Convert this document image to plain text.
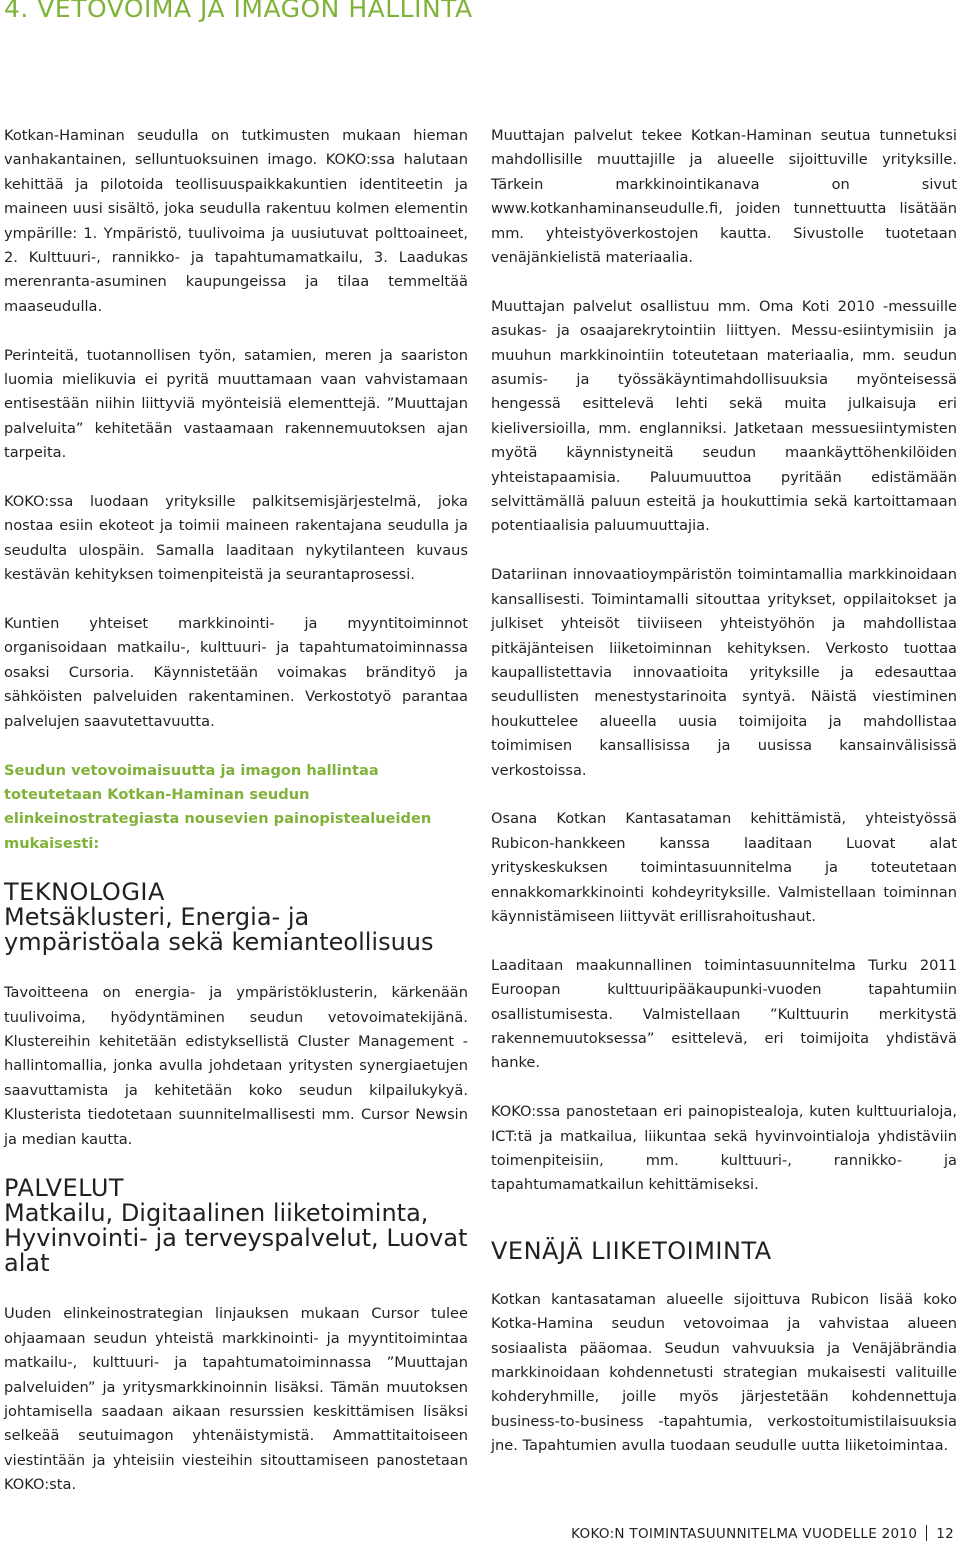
4. VETOVOIMA JA IMAGON HALLINTA

Kotkan-Haminan seudulla on tutkimusten mukaan hieman vanhakantainen, selluntuoksuinen imago. KOKO:ssa halutaan kehittää ja pilotoida teollisuuspaikkakuntien identiteetin ja maineen uusi sisältö, joka seudulla rakentuu kolmen elementin ympärille: 1. Ympäristö, tuulivoima ja uusiutuvat polttoaineet, 2. Kulttuuri-, rannikko- ja tapahtumamatkailu, 3. Laadukas merenranta-asuminen kaupungeissa ja tilaa temmeltää maaseudulla.

Perinteitä, tuotannollisen työn, satamien, meren ja saariston luomia mielikuvia ei pyritä muuttamaan vaan vahvistamaan entisestään niihin liittyviä myönteisiä elementtejä. ”Muuttajan palveluita” kehitetään vastaamaan rakennemuutoksen ajan tarpeita.

KOKO:ssa luodaan yrityksille palkitsemisjärjestelmä, joka nostaa esiin ekoteot ja toimii maineen rakentajana seudulla ja seudulta ulospäin. Samalla laaditaan nykytilanteen kuvaus kestävän kehityksen toimenpiteistä ja seurantaprosessi.

Kuntien yhteiset markkinointi- ja myyntitoiminnot organisoidaan matkailu-, kulttuuri- ja tapahtumatoiminnassa osaksi Cursoria. Käynnistetään voimakas brändityö ja sähköisten palveluiden rakentaminen. Verkostotyö parantaa palvelujen saavutettavuutta.

Seudun vetovoimaisuutta ja imagon hallintaa toteutetaan Kotkan-Haminan seudun elinkeinostrategiasta nousevien painopistealueiden mukaisesti:

TEKNOLOGIA
Metsäklusteri, Energia- ja ympäristöala sekä kemianteollisuus

Tavoitteena on energia- ja ympäristöklusterin, kärkenään tuulivoima, hyödyntäminen seudun vetovoimatekijänä. Klustereihin kehitetään edistyksellistä Cluster Management -hallintomallia, jonka avulla johdetaan yritysten synergiaetujen saavuttamista ja kehitetään koko seudun kilpailukykyä. Klusterista tiedotetaan suunnitelmallisesti mm. Cursor Newsin ja median kautta.

PALVELUT
Matkailu, Digitaalinen liiketoiminta, Hyvinvointi- ja terveyspalvelut, Luovat alat

Uuden elinkeinostrategian linjauksen mukaan Cursor tulee ohjaamaan seudun yhteistä markkinointi- ja myyntitoimintaa matkailu-, kulttuuri- ja tapahtumatoiminnassa ”Muuttajan palveluiden” ja yritysmarkkinoinnin lisäksi. Tämän muutoksen johtamisella saadaan aikaan resurssien keskittämisen lisäksi selkeää seutuimagon yhtenäistymistä. Ammattitaitoiseen viestintään ja yhteisiin viesteihin sitouttamiseen panostetaan KOKO:sta.

Muuttajan palvelut tekee Kotkan-Haminan seutua tunnetuksi mahdollisille muuttajille ja alueelle sijoittuville yrityksille. Tärkein markkinointikanava on sivut www.kotkanhaminanseudulle.fi, joiden tunnettuutta lisätään mm. yhteistyöverkostojen kautta. Sivustolle tuotetaan venäjänkielistä materiaalia.

Muuttajan palvelut osallistuu mm. Oma Koti 2010 -messuille asukas- ja osaajarekrytointiin liittyen. Messu-esiintymisiin ja muuhun markkinointiin toteutetaan materiaalia, mm. seudun asumis- ja työssäkäyntimahdollisuuksia myönteisessä hengessä esittelevä lehti sekä muita julkaisuja eri kieliversioilla, mm. englanniksi. Jatketaan messuesiintymisten myötä käynnistyneitä seudun maankäyttöhenkilöiden yhteistapaamisia. Paluumuuttoa pyritään edistämään selvittämällä paluun esteitä ja houkuttimia sekä kartoittamaan potentiaalisia paluumuuttajia.

Datariinan innovaatioympäristön toimintamallia markkinoidaan kansallisesti. Toimintamalli sitouttaa yritykset, oppilaitokset ja julkiset yhteisöt tiiviiseen yhteistyöhön ja mahdollistaa pitkäjänteisen liiketoiminnan kehityksen. Verkosto tuottaa kaupallistettavia innovaatioita yrityksille ja edesauttaa seudullisten menestystarinoita syntyä. Näistä viestiminen houkuttelee alueella uusia toimijoita ja mahdollistaa toimimisen kansallisissa ja uusissa kansainvälisissä verkostoissa.

Osana Kotkan Kantasataman kehittämistä, yhteistyössä Rubicon-hankkeen kanssa laaditaan Luovat alat yrityskeskuksen toimintasuunnitelma ja toteutetaan ennakkomarkkinointi kohdeyrityksille. Valmistellaan toiminnan käynnistämiseen liittyvät erillisrahoitushaut.

Laaditaan maakunnallinen toimintasuunnitelma Turku 2011 Euroopan kulttuuripääkaupunki-vuoden tapahtumiin osallistumisesta. Valmistellaan ”Kulttuurin merkitystä rakennemuutoksessa” esittelevä, eri toimijoita yhdistävä hanke.

KOKO:ssa panostetaan eri painopistealoja, kuten kulttuurialoja, ICT:tä ja matkailua, liikuntaa sekä hyvinvointialoja yhdistäviin toimenpiteisiin, mm. kulttuuri-, rannikko- ja tapahtumamatkailun kehittämiseksi.

VENÄJÄ LIIKETOIMINTA

Kotkan kantasataman alueelle sijoittuva Rubicon lisää koko Kotka-Hamina seudun vetovoimaa ja vahvistaa alueen sosiaalista pääomaa. Seudun vahvuuksia ja Venäjäbrändia markkinoidaan kohdennetusti strategian mukaisesti valituille kohderyhmille, joille myös järjestetään kohdennettuja business-to-business -tapahtumia, verkostoitumistilaisuuksia jne. Tapahtumien avulla tuodaan seudulle uutta liiketoimintaa.

KOKO:N TOIMINTASUUNNITELMA VUODELLE 2010 12
